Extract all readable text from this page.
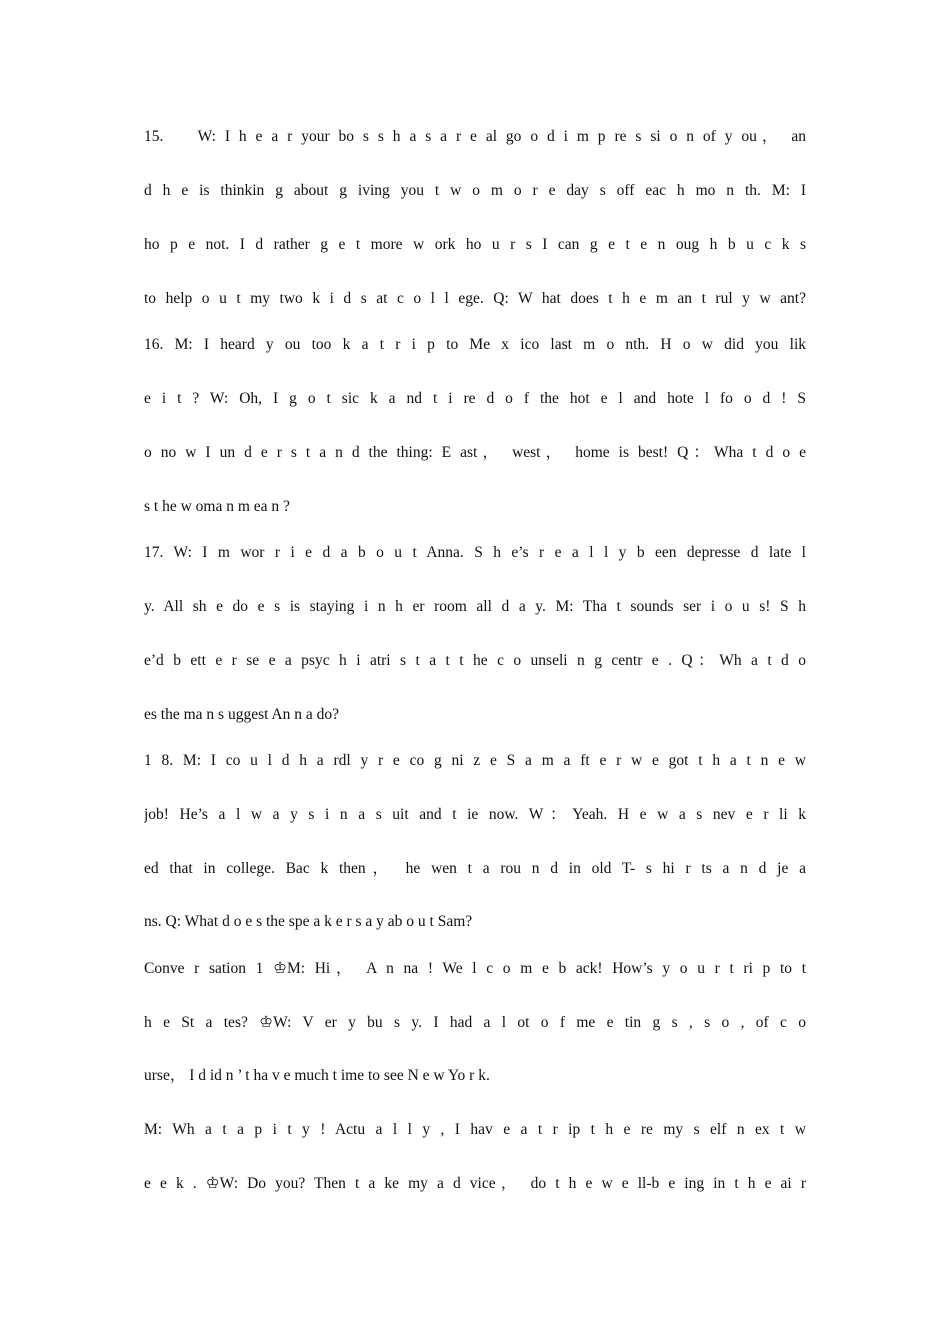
15.　 W: I h e a r your bo s s h a s a r e al go o d i m p re s si o n of y ou， an
d h e is thinkin g about g iving you t w o m o r e day s off eac h mo n th. M: I
ho p e not. I d rather g e t more w ork ho u r s I can g e t e n oug h b u c k s
to help o u t my two k i d s at c o l l ege. Q: W hat does t h e m an t rul y w ant?
16. M: I heard y ou too k a t r i p to Me x ico last m o nth. H o w did you lik
e i t ? W: Oh, I g o t sic k a nd t i re d o f the hot e l and hote l fo o d ! S
o no w I un d e r s t a n d the thing: E ast， west， home is best! Q：Wha t d o e
s t he w oma n m ea n ?
17. W: I m wor r i e d a b o u t Anna. S h e’s r e a l l y b een depresse d late l
y. All sh e do e s is staying i n h er room all d a y. M: Tha t sounds ser i o u s! S h
e’d b ett e r se e a psyc h i atri s t a t t he c o unseli n g centr e . Q：Wh a t d o
es the ma n s uggest An n a do?
1 8. M: I co u l d h a rdl y r e co g ni z e S a m a ft e r w e got t h a t n e w
job! He’s a l w a y s i n a s uit and t ie now. W：Yeah. H e w a s nev e r li k
ed that in college. Bac k then， he wen t a rou n d in old T- s hi r ts a n d je a
ns. Q: What d o e s the spe a k e r s a y ab o u t Sam?
Conve r sation 1 ♔M: Hi， A n na ! We l c o m e b ack! How’s y o u r t ri p to t
h e St a tes? ♔W: V er y bu s y. I had a l ot o f me e tin g s , s o , of c o
urse， I d id n ’ t ha v e much t ime to see N e w Yo r k.
M: Wh a t a p i t y ! Actu a l l y , I hav e a t r ip t h e re my s elf n ex t w
e e k . ♔W: Do you? Then t a ke my a d vice， do t h e w e ll-b e ing in t h e ai r
